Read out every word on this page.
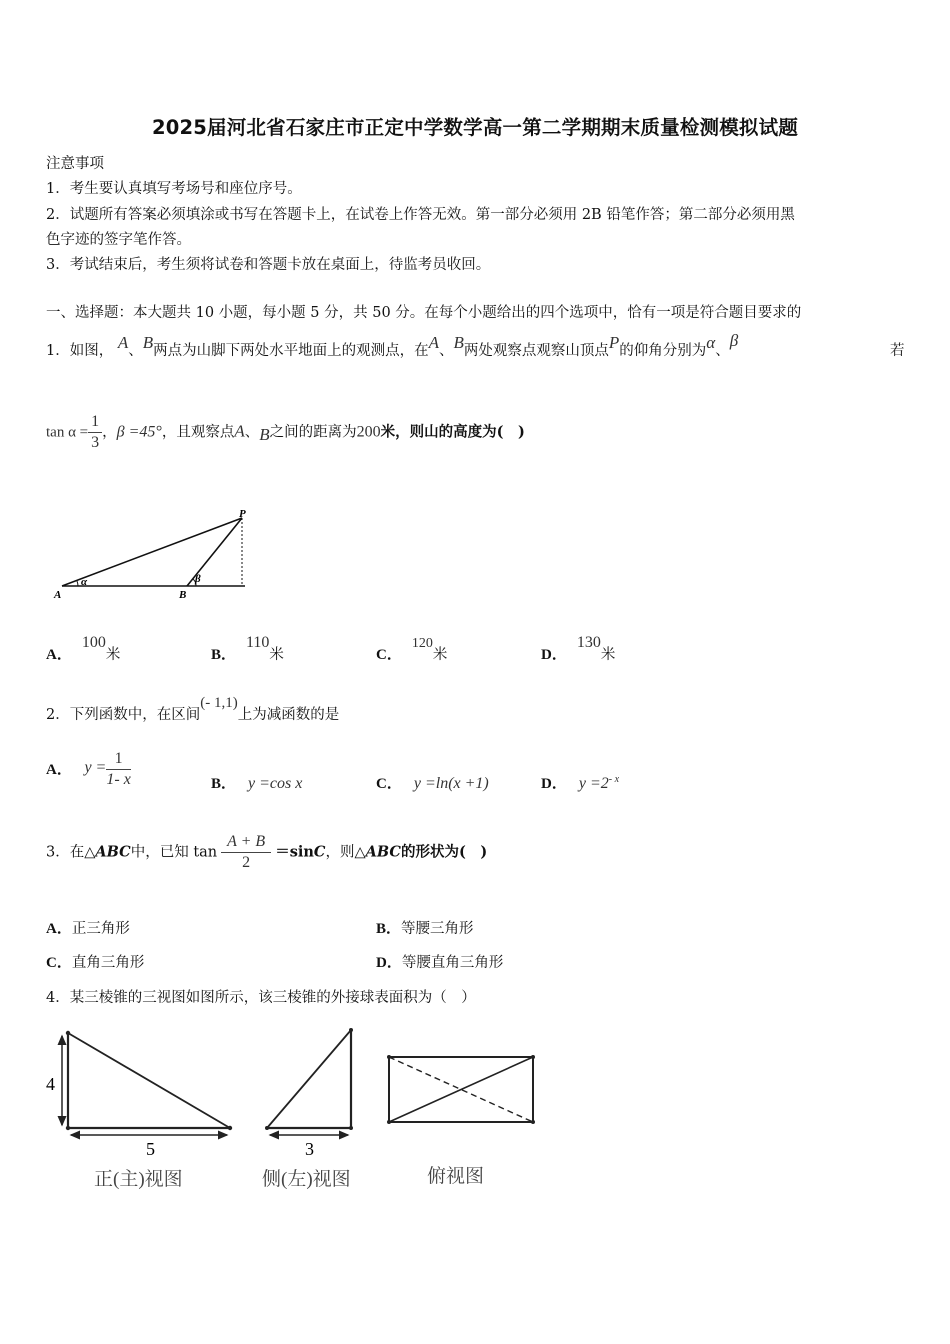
2025届河北省石家庄市正定中学数学高一第二学期期末质量检测模拟试题
注意事项
1．考生要认真填写考场号和座位序号。
2．试题所有答案必须填涂或书写在答题卡上，在试卷上作答无效。第一部分必须用 2B 铅笔作答；第二部分必须用黑
色字迹的签字笔作答。
3．考试结束后，考生须将试卷和答题卡放在桌面上，待监考员收回。
一、选择题：本大题共 10 小题，每小题 5 分，共 50 分。在每个小题给出的四个选项中，恰有一项是符合题目要求的
1．如图， A、B两点为山脚下两处水平地面上的观测点，在A、B两处观察点观察山顶点P的仰角分别为α、β
若
$\tan \alpha = \frac{1}{3}$ ，β =45°，且观察点A、B之间的距离为200米，则山的高度为(　)
A	B
P
α	β
A．100米	B．110米	C．120米	D．130米
2．下列函数中，在区间(- 1,1)上为减函数的是
A． $y = \frac{1}{1- x}$	B． y =cos x	C． y =ln(x +1)	D． $y =2^{- x}$
3．在△ABC中，已知 $\tan \frac{A + B}{2} =\sin C$，则△ABC的形状为(　)
A．正三角形	B．等腰三角形
C．直角三角形	D．等腰直角三角形
4．某三棱锥的三视图如图所示，该三棱锥的外接球表面积为（　）
4
5
正(主)视图
3
侧(左)视图	俯视图
